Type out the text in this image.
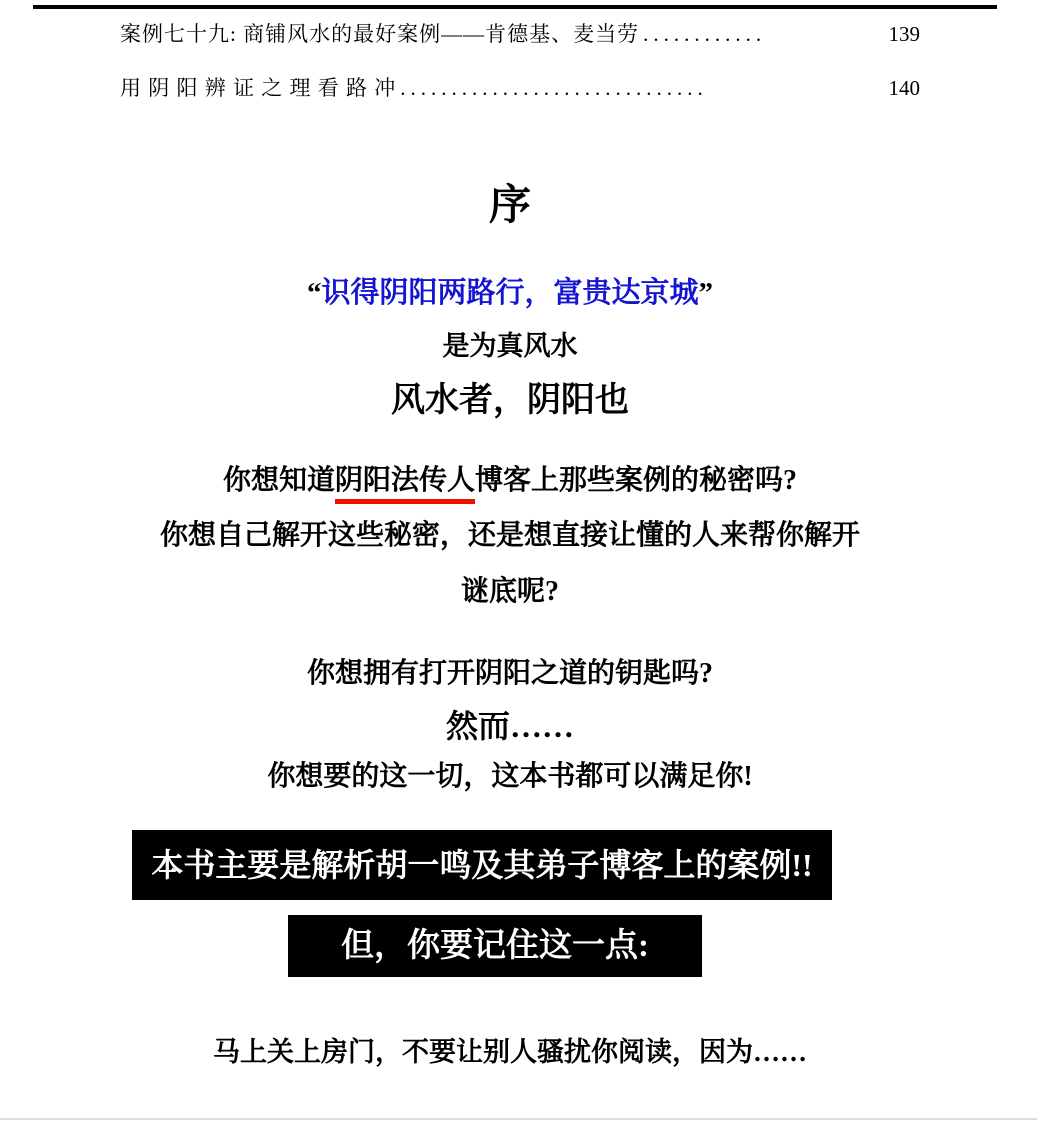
案例七十九: 商铺风水的最好案例——肯德基、麦当劳 ............	139
用 阴 阳 辨 证 之 理 看 路 冲 ..............................	140
序
“识得阴阳两路行，富贵达京城”
是为真风水
风水者，阴阳也
你想知道阴阳法传人博客上那些案例的秘密吗?
你想自己解开这些秘密，还是想直接让懂的人来帮你解开
谜底呢?
你想拥有打开阴阳之道的钥匙吗?
然而……
你想要的这一切，这本书都可以满足你!
本书主要是解析胡一鸣及其弟子博客上的案例!!
但，你要记住这一点:
马上关上房门，不要让别人骚扰你阅读，因为……
